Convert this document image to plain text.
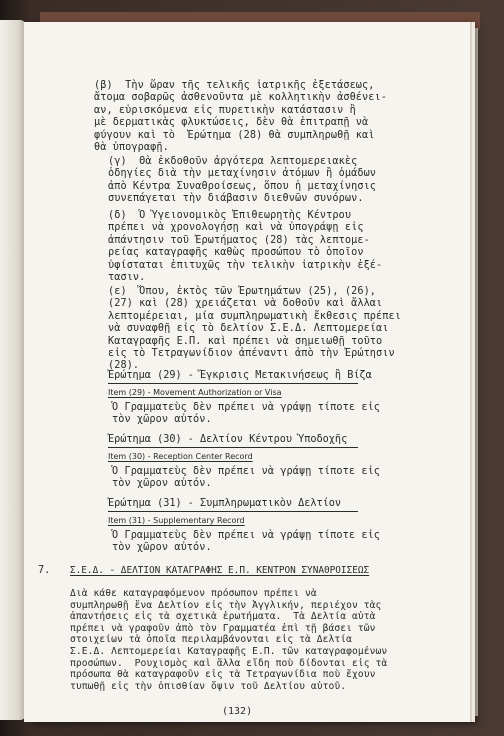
(β)  Τὴν ὥραν τῆς τελικῆς ἰατρικῆς ἐξετάσεως,
ἄτομα σοβαρῶς ἀσθενοῦντα μὲ κολλητικὴν ἀσθένει-
αν, εὑρισκόμενα εἰς πυρετικὴν κατάστασιν ἢ
μὲ δερματικὰς φλυκτώσεις, δὲν θὰ ἐπιτραπῇ νὰ
φύγουν καὶ τὸ  Ἐρώτημα (28) θὰ συμπληρωθῇ καὶ
θὰ ὑπογραφῇ.
(γ)  Θὰ ἐκδοθοῦν ἀργότερα λεπτομερειακὲς
ὁδηγίες διὰ τὴν μεταχίνησιν ἀτόμων ἢ ὁμάδων
ἀπὸ Κέντρα Συναθροίσεως, ὅπου ἡ μεταχίνησις
συνεπάγεται τὴν διάβασιν διεθνῶν συνόρων.
(δ)  Ὁ Ὑγειονομικὸς Ἐπιθεωρητὴς Κέντρου
πρέπει νὰ χρονολογήσῃ καὶ νὰ ὑπογράψῃ εἰς
ἀπάντησιν τοῦ Ἐρωτήματος (28) τὰς λεπτομε-
ρείας καταγραφῆς καθὼς προσώπου τὸ ὁποῖον
ὑφίσταται ἐπιτυχῶς τὴν τελικὴν ἰατρικὴν ἐξέ-
τασιν.
(ε)  Ὅπου, ἐκτὸς τῶν Ἐρωτημάτων (25), (26),
(27) καὶ (28) χρειάζεται νὰ δοθοῦν καὶ ἄλλαι
λεπτομέρειαι, μία συμπληρωματικὴ ἔκθεσις πρέπει
νὰ συναφθῇ εἰς τὸ δελτίον Σ.Ε.Δ. Λεπτομερείαι
Καταγραφῆς Ε.Π. καὶ πρέπει νὰ σημειωθῇ τοῦτο
εἰς τὸ Τετραγωνίδιον ἀπέναντι ἀπὸ τὴν Ἐρώτησιν
(28).
Ἐρώτημα (29) - Ἔγκρισις Μετακινήσεως ἢ Βίζα
Item (29) - Movement Authorization or Visa
Ὁ Γραμματεὺς δὲν πρέπει νὰ γράψῃ τίποτε εἰς
τὸν χῶρον αὐτόν.
Ἐρώτημα (30) - Δελτίον Κέντρου Ὑποδοχῆς
Item (30) - Reception Center Record
Ὁ Γραμματεὺς δὲν πρέπει νὰ γράψῃ τίποτε εἰς
τὸν χῶρον αὐτόν.
Ἐρώτημα (31) - Συμπληρωματικὸν Δελτίον
Item (31) - Supplementary Record
Ὁ Γραμματεὺς δὲν πρέπει νὰ γράψῃ τίποτε εἰς
τὸν χῶρον αὐτόν.
7. Σ.Ε.Δ. - ΔΕΛΤΙΟΝ ΚΑΤΑΓΡΑΦΗΣ Ε.Π. ΚΕΝΤΡΟΝ ΣΥΝΑΘΡΟΙΣΕΩΣ
Διὰ κάθε καταγραφόμενον πρόσωπον πρέπει νὰ
συμπληρωθῇ ἕνα Δελτίον εἰς τὴν Ἀγγλικήν, περιέχον τὰς
ἀπαντήσεις εἰς τὰ σχετικὰ ἐρωτήματα.  Τὰ Δελτία αὐτὰ
πρέπει νὰ γραφοῦν ἀπὸ τὸν Γραμματέα ἐπὶ τῇ βάσει τῶν
στοιχείων τὰ ὁποῖα περιλαμβάνονται εἰς τὰ Δελτία
Σ.Ε.Δ. Λεπτομερείαι Καταγραφῆς Ε.Π. τῶν καταγραφομένων
προσώπων.  Ρουχισμὸς καὶ ἄλλα εἴδη ποὺ δίδονται εἰς τὰ
πρόσωπα θὰ καταγραφοῦν εἰς τὰ Τετραγωνίδια ποὺ ἔχουν
τυπωθῇ εἰς τὴν ὀπισθίαν ὄψιν τοῦ Δελτίου αὐτοῦ.
(132)
